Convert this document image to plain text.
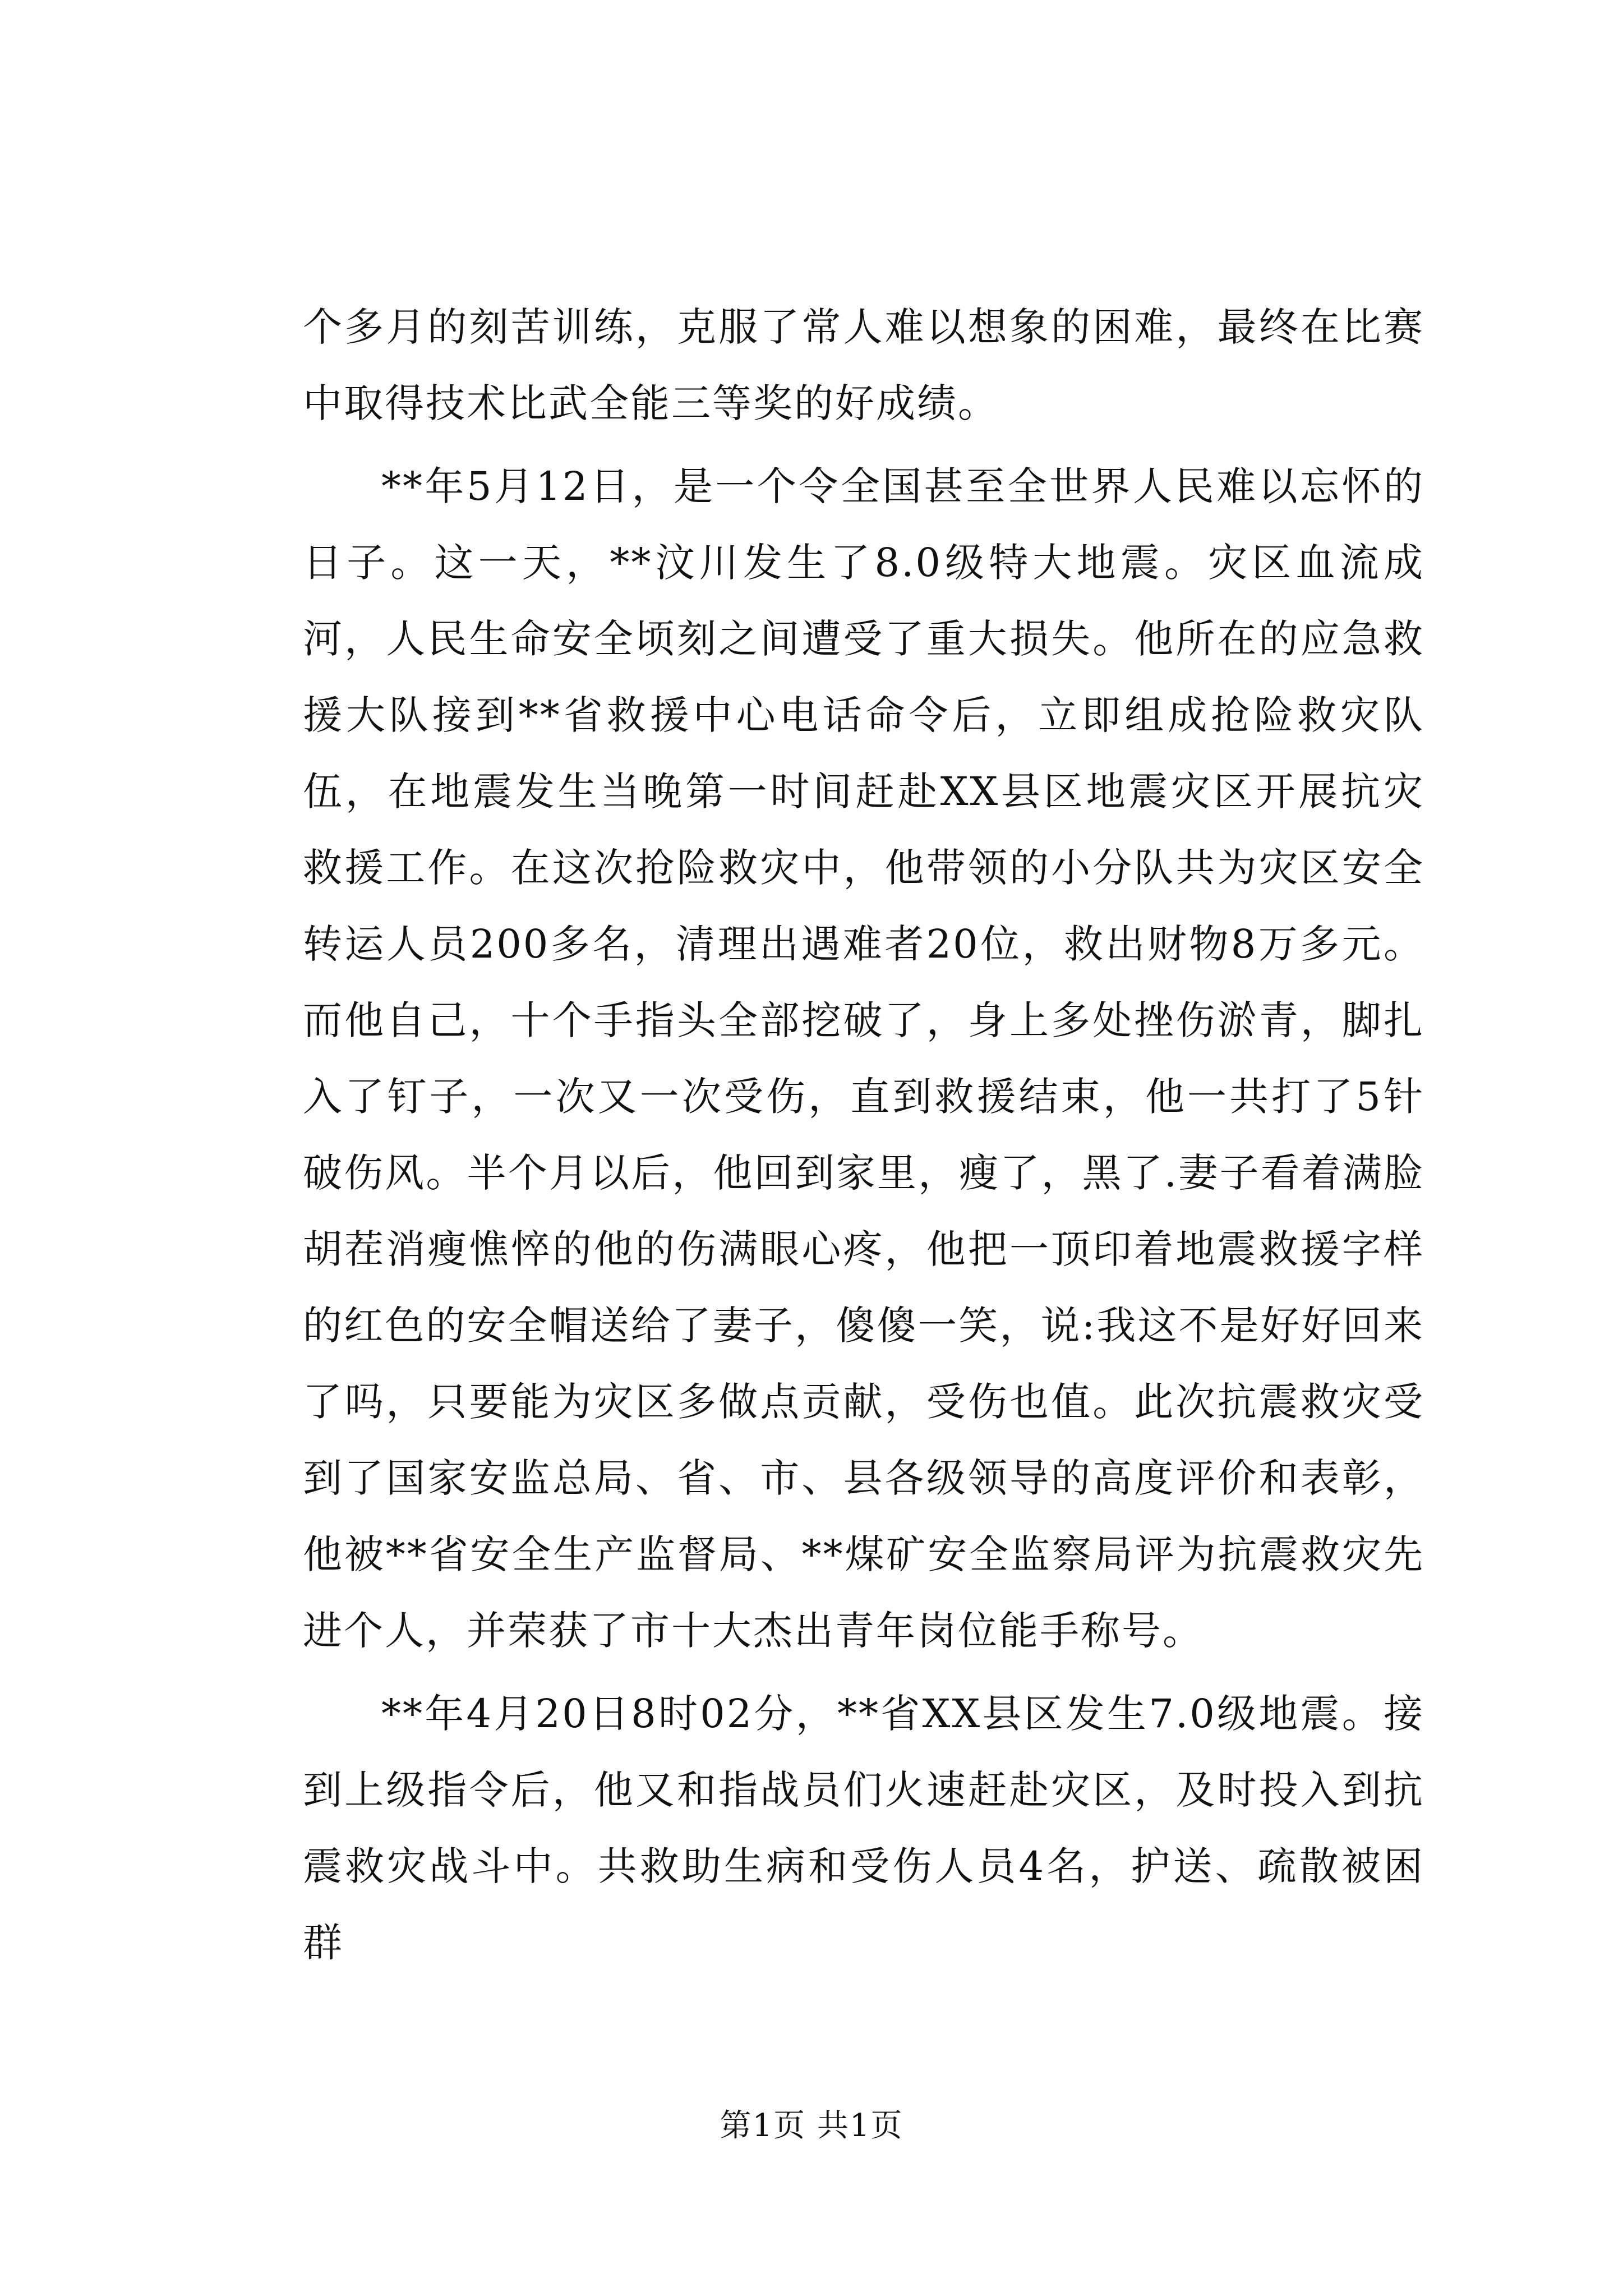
个多月的刻苦训练，克服了常人难以想象的困难，最终在比赛中取得技术比武全能三等奖的好成绩。

**年5月12日，是一个令全国甚至全世界人民难以忘怀的日子。这一天，**汶川发生了8.0级特大地震。灾区血流成河，人民生命安全顷刻之间遭受了重大损失。他所在的应急救援大队接到**省救援中心电话命令后，立即组成抢险救灾队伍，在地震发生当晚第一时间赶赴XX县区地震灾区开展抗灾救援工作。在这次抢险救灾中，他带领的小分队共为灾区安全转运人员200多名，清理出遇难者20位，救出财物8万多元。而他自己，十个手指头全部挖破了，身上多处挫伤淤青，脚扎入了钉子，一次又一次受伤，直到救援结束，他一共打了5针破伤风。半个月以后，他回到家里，瘦了，黑了.妻子看着满脸胡茬消瘦憔悴的他的伤满眼心疼，他把一顶印着地震救援字样的红色的安全帽送给了妻子，傻傻一笑，说:我这不是好好回来了吗，只要能为灾区多做点贡献，受伤也值。此次抗震救灾受到了国家安监总局、省、市、县各级领导的高度评价和表彰，他被**省安全生产监督局、**煤矿安全监察局评为抗震救灾先进个人，并荣获了市十大杰出青年岗位能手称号。

**年4月20日8时02分，**省XX县区发生7.0级地震。接到上级指令后，他又和指战员们火速赶赴灾区，及时投入到抗震救灾战斗中。共救助生病和受伤人员4名，护送、疏散被困群

第1页 共1页
